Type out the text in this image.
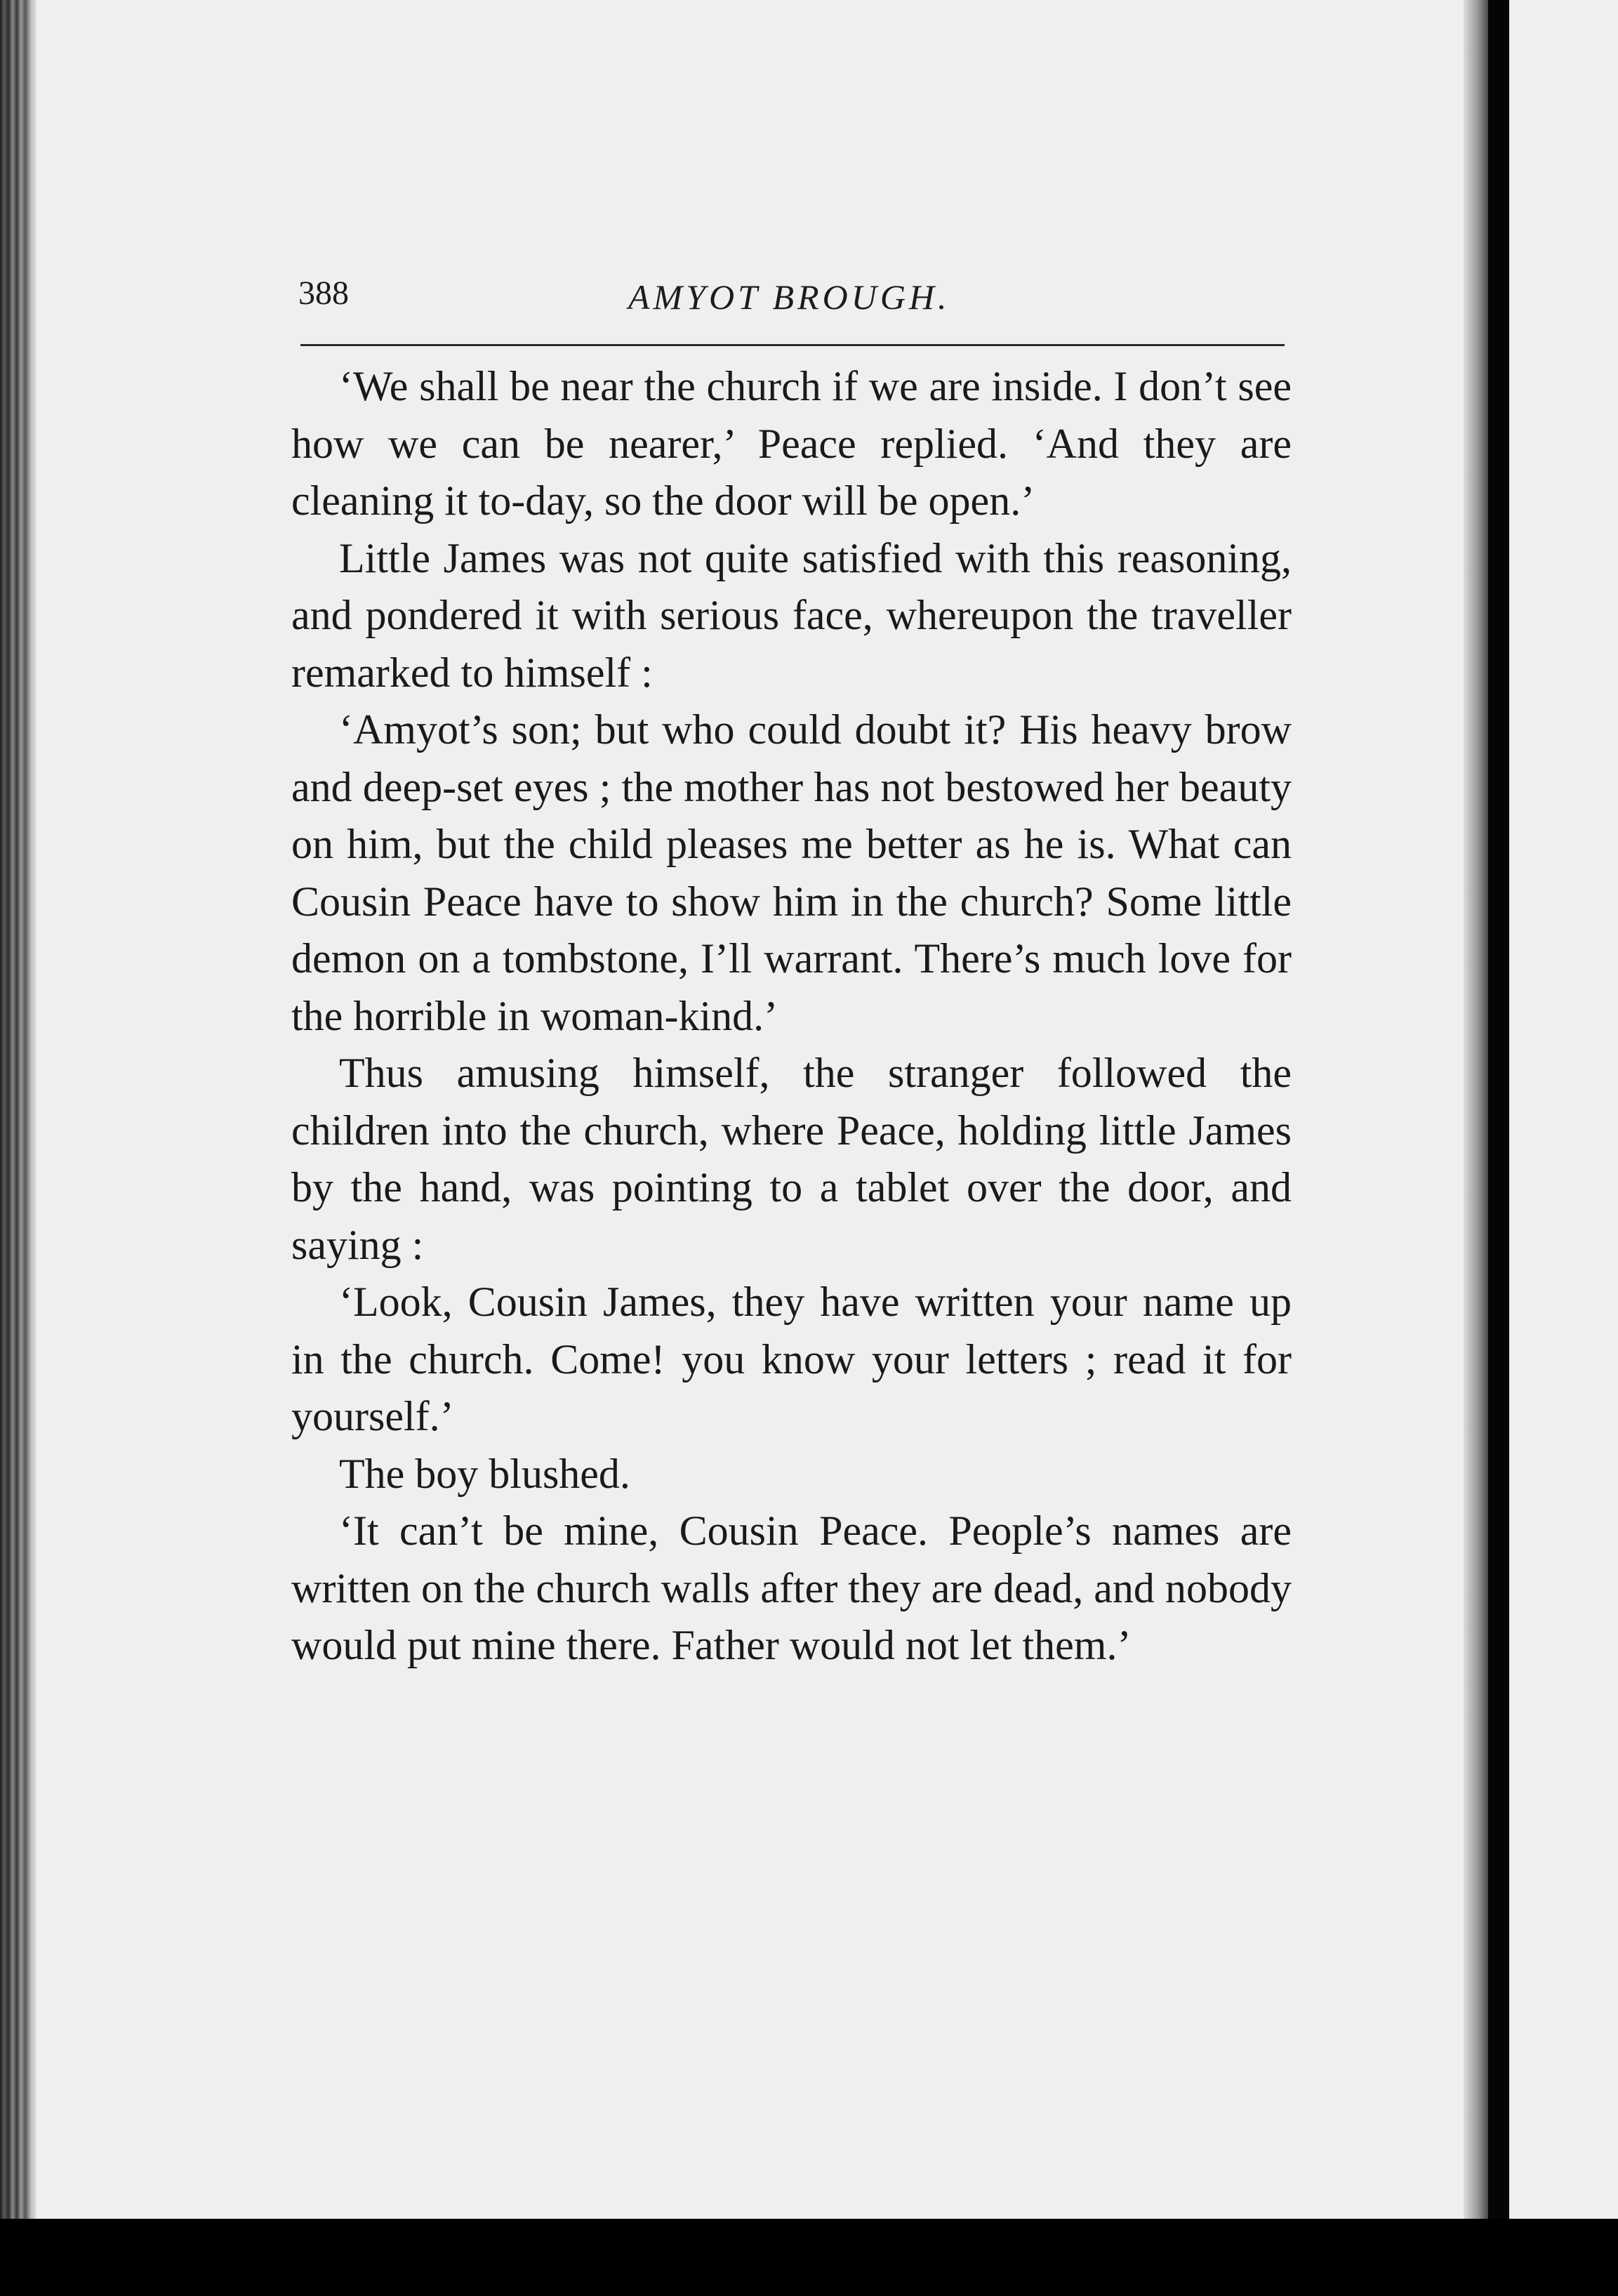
388	AMYOT BROUGH.

‘We shall be near the church if we are inside. I don’t see how we can be nearer,’ Peace replied. ‘And they are cleaning it to-day, so the door will be open.’

Little James was not quite satisfied with this reasoning, and pondered it with serious face, whereupon the traveller remarked to himself :

‘Amyot’s son; but who could doubt it? His heavy brow and deep-set eyes ; the mother has not bestowed her beauty on him, but the child pleases me better as he is. What can Cousin Peace have to show him in the church? Some little demon on a tombstone, I’ll warrant. There’s much love for the horrible in woman-kind.’

Thus amusing himself, the stranger followed the children into the church, where Peace, holding little James by the hand, was pointing to a tablet over the door, and saying :

‘Look, Cousin James, they have written your name up in the church. Come! you know your letters ; read it for yourself.’

The boy blushed.

‘It can’t be mine, Cousin Peace. People’s names are written on the church walls after they are dead, and nobody would put mine there. Father would not let them.’
